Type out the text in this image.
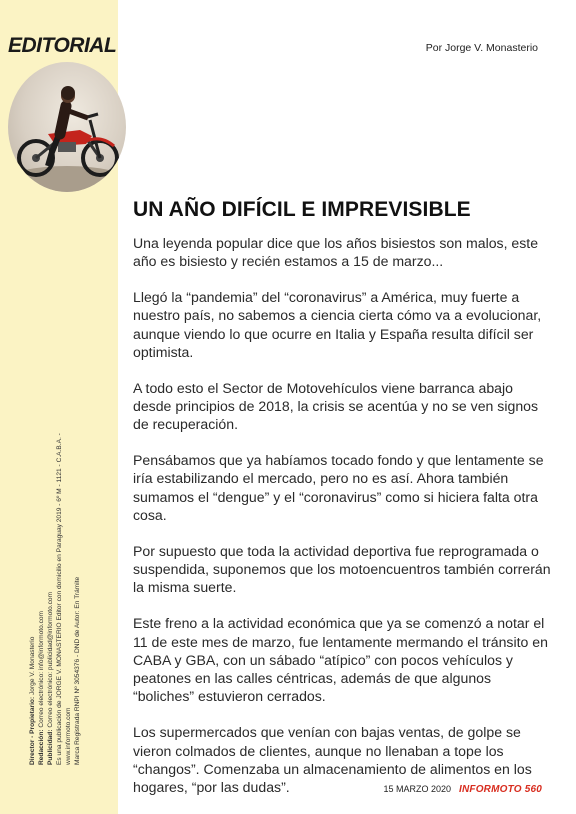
EDITORIAL
Director - Propietario: Jorge V. Monasterio
Redacción: Correo electrónico: info@informoto.com
Publicidad: Correo electrónico: publicidad@informoto.com Es una publicación de JORGE V. MONASTERIO Editor con domicilio en Paraguay 2019 - 6º M - 1121 - C.A.B.A. - www.informoto.com Marca Registrada RNPI Nº 3054376 - DND de Autor: En Trámite
Por Jorge V. Monasterio
UN AÑO DIFÍCIL E IMPREVISIBLE

Una leyenda popular dice que los años bisiestos son malos, este año es bisiesto y recién estamos a 15 de marzo...

Llegó la “pandemia” del “coronavirus” a América, muy fuerte a nuestro país, no sabemos a ciencia cierta cómo va a evolucionar, aunque viendo lo que ocurre en Italia y España resulta difícil ser optimista.

A todo esto el Sector de Motovehículos viene barranca abajo desde principios de 2018, la crisis se acentúa y no se ven signos de recuperación.

Pensábamos que ya habíamos tocado fondo y que lentamente se iría estabilizando el mercado, pero no es así. Ahora también sumamos el “dengue” y el “coronavirus” como si hiciera falta otra cosa.

Por supuesto que toda la actividad deportiva fue reprogramada o suspendida, suponemos que los motoencuentros también correrán la misma suerte.

Este freno a la actividad económica que ya se comenzó a notar el 11 de este mes de marzo, fue lentamente mermando el tránsito en CABA y GBA, con un sábado “atípico” con pocos vehículos y peatones en las calles céntricas, además de que algunos “boliches” estuvieron cerrados.

Los supermercados que venían con bajas ventas, de golpe se vieron colmados de clientes, aunque no llenaban a tope los “changos”. Comenzaba un almacenamiento de alimentos en los hogares, “por las dudas”.	15 MARZO 2020 INFORMOTO 560
